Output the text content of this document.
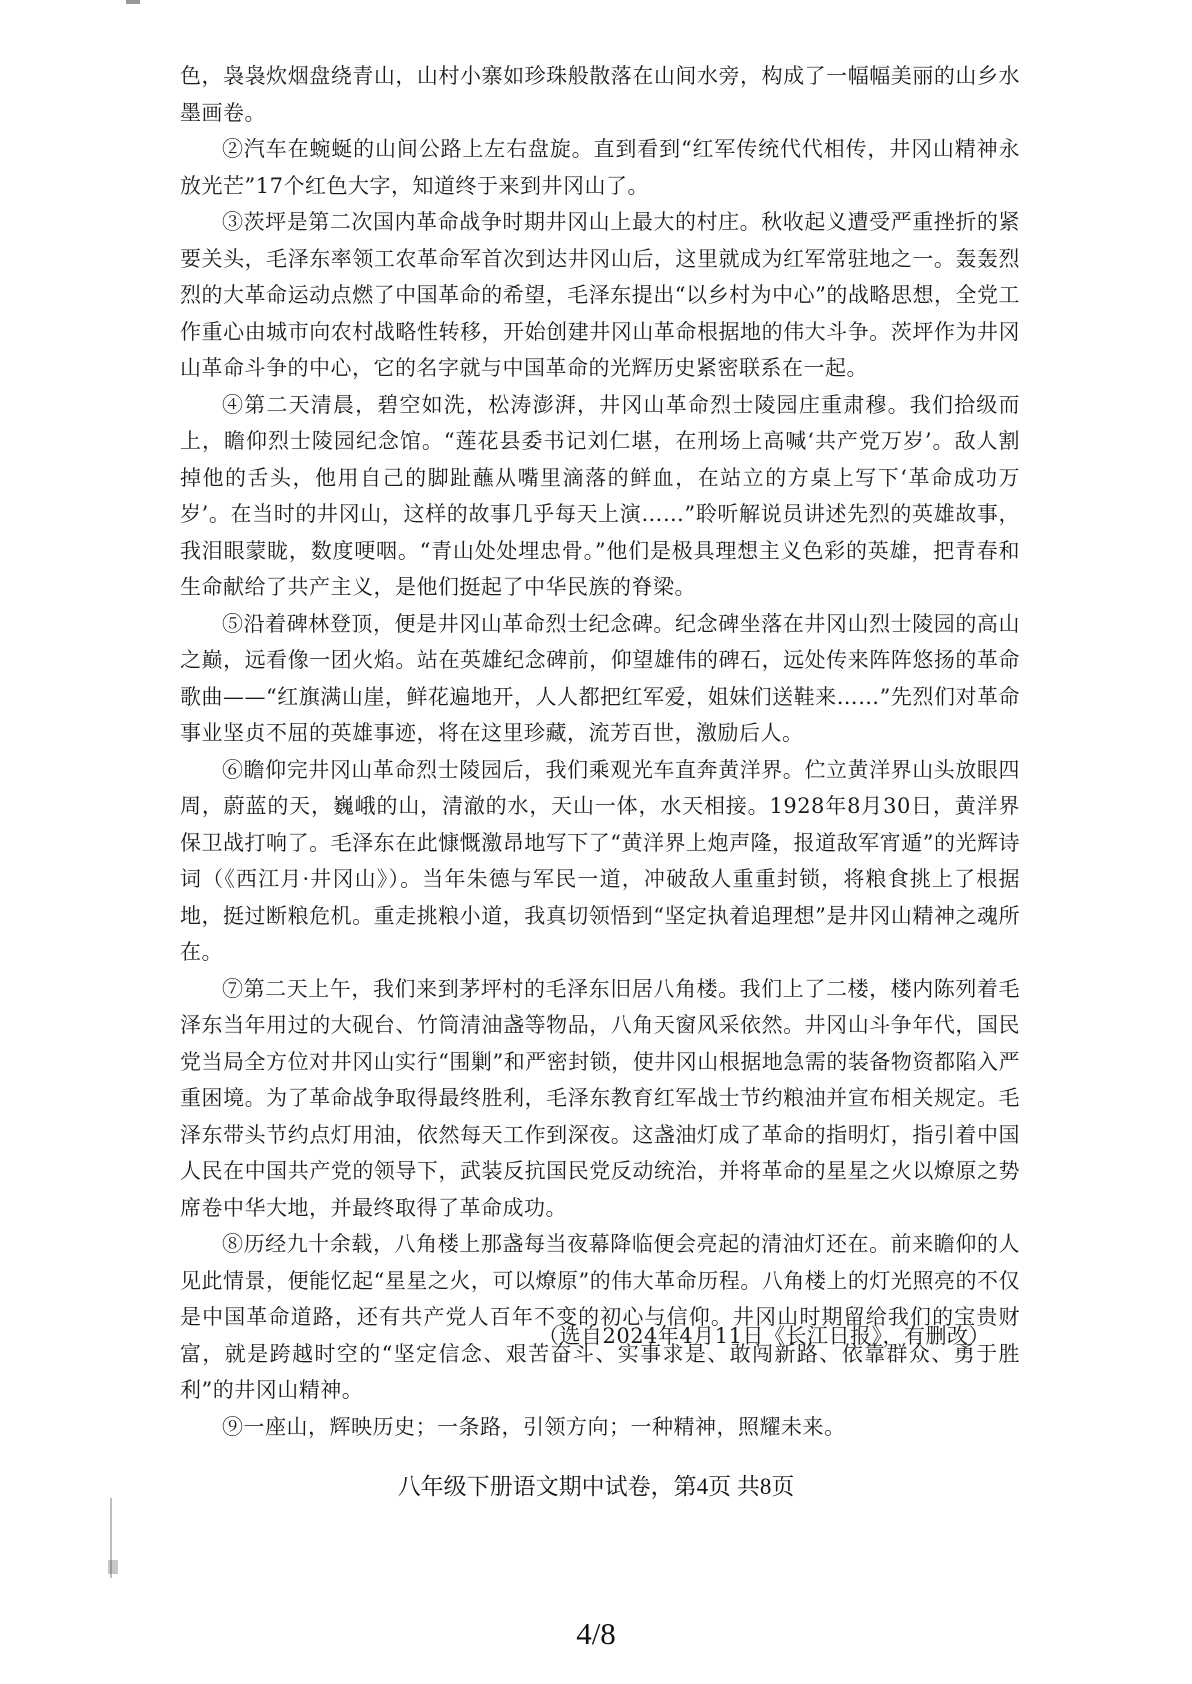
色，袅袅炊烟盘绕青山，山村小寨如珍珠般散落在山间水旁，构成了一幅幅美丽的山乡水墨画卷。

②汽车在蜿蜒的山间公路上左右盘旋。直到看到“红军传统代代相传，井冈山精神永放光芒”17个红色大字，知道终于来到井冈山了。

③茨坪是第二次国内革命战争时期井冈山上最大的村庄。秋收起义遭受严重挫折的紧要关头，毛泽东率领工农革命军首次到达井冈山后，这里就成为红军常驻地之一。轰轰烈烈的大革命运动点燃了中国革命的希望，毛泽东提出“以乡村为中心”的战略思想，全党工作重心由城市向农村战略性转移，开始创建井冈山革命根据地的伟大斗争。茨坪作为井冈山革命斗争的中心，它的名字就与中国革命的光辉历史紧密联系在一起。

④第二天清晨，碧空如洗，松涛澎湃，井冈山革命烈士陵园庄重肃穆。我们拾级而上，瞻仰烈士陵园纪念馆。“莲花县委书记刘仁堪，在刑场上高喊‘共产党万岁’。敌人割掉他的舌头，他用自己的脚趾蘸从嘴里滴落的鲜血，在站立的方桌上写下‘革命成功万岁’。在当时的井冈山，这样的故事几乎每天上演……”聆听解说员讲述先烈的英雄故事，我泪眼蒙眬，数度哽咽。“青山处处埋忠骨。”他们是极具理想主义色彩的英雄，把青春和生命献给了共产主义，是他们挺起了中华民族的脊梁。

⑤沿着碑林登顶，便是井冈山革命烈士纪念碑。纪念碑坐落在井冈山烈士陵园的高山之巅，远看像一团火焰。站在英雄纪念碑前，仰望雄伟的碑石，远处传来阵阵悠扬的革命歌曲——“红旗满山崖，鲜花遍地开，人人都把红军爱，姐妹们送鞋来……”先烈们对革命事业坚贞不屈的英雄事迹，将在这里珍藏，流芳百世，激励后人。

⑥瞻仰完井冈山革命烈士陵园后，我们乘观光车直奔黄洋界。伫立黄洋界山头放眼四周，蔚蓝的天，巍峨的山，清澈的水，天山一体，水天相接。1928年8月30日，黄洋界保卫战打响了。毛泽东在此慷慨激昂地写下了“黄洋界上炮声隆，报道敌军宵遁”的光辉诗词（《西江月·井冈山》）。当年朱德与军民一道，冲破敌人重重封锁，将粮食挑上了根据地，挺过断粮危机。重走挑粮小道，我真切领悟到“坚定执着追理想”是井冈山精神之魂所在。

⑦第二天上午，我们来到茅坪村的毛泽东旧居八角楼。我们上了二楼，楼内陈列着毛泽东当年用过的大砚台、竹筒清油盏等物品，八角天窗风采依然。井冈山斗争年代，国民党当局全方位对井冈山实行“围剿”和严密封锁，使井冈山根据地急需的装备物资都陷入严重困境。为了革命战争取得最终胜利，毛泽东教育红军战士节约粮油并宣布相关规定。毛泽东带头节约点灯用油，依然每天工作到深夜。这盏油灯成了革命的指明灯，指引着中国人民在中国共产党的领导下，武装反抗国民党反动统治，并将革命的星星之火以燎原之势席卷中华大地，并最终取得了革命成功。

⑧历经九十余载，八角楼上那盏每当夜幕降临便会亮起的清油灯还在。前来瞻仰的人见此情景，便能忆起“星星之火，可以燎原”的伟大革命历程。八角楼上的灯光照亮的不仅是中国革命道路，还有共产党人百年不变的初心与信仰。井冈山时期留给我们的宝贵财富，就是跨越时空的“坚定信念、艰苦奋斗、实事求是、敢闯新路、依靠群众、勇于胜利”的井冈山精神。

⑨一座山，辉映历史；一条路，引领方向；一种精神，照耀未来。

（选自2024年4月11日《长江日报》，有删改）
八年级下册语文期中试卷，第4页 共8页
4/8
